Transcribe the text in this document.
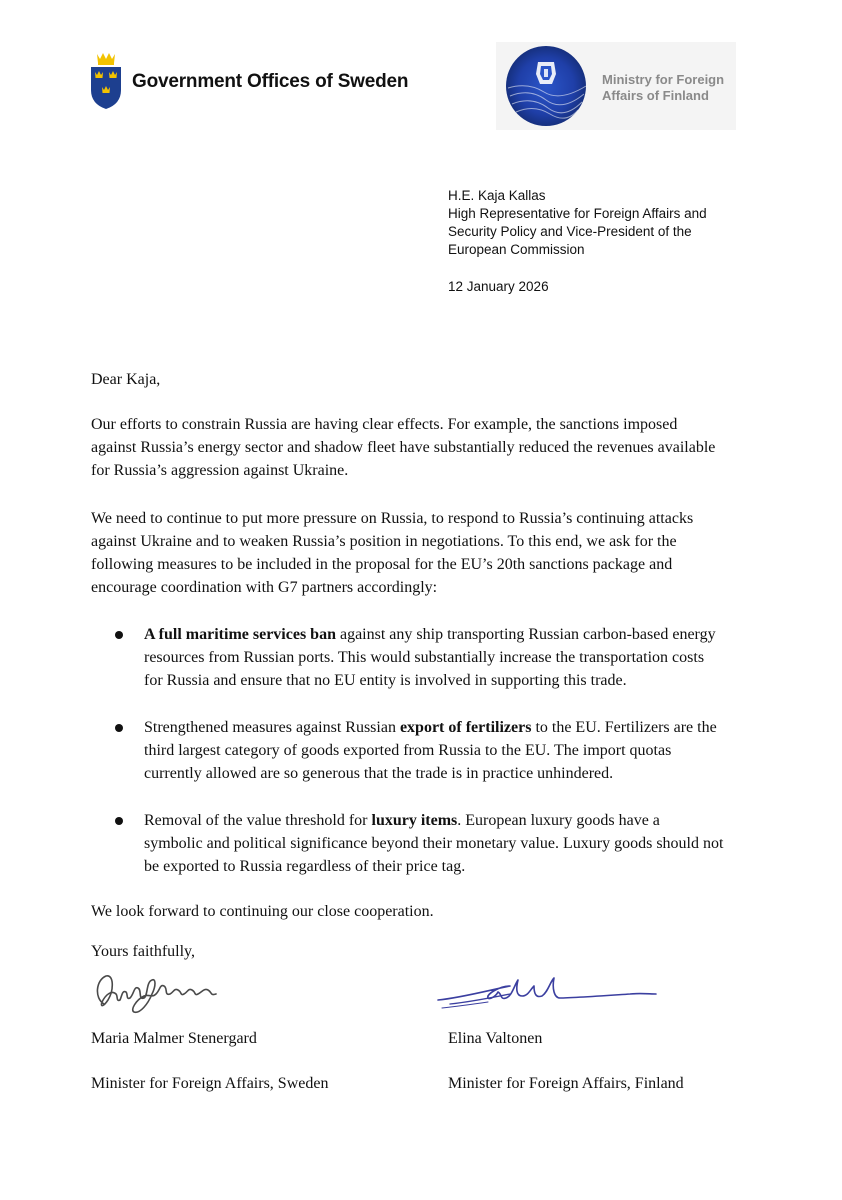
Government Offices of Sweden	Ministry for Foreign
Affairs of Finland
H.E. Kaja Kallas
High Representative for Foreign Affairs and
Security Policy and Vice-President of the
European Commission
12 January 2026
Dear Kaja,
Our efforts to constrain Russia are having clear effects. For example, the sanctions imposed
against Russia’s energy sector and shadow fleet have substantially reduced the revenues available
for Russia’s aggression against Ukraine.
We need to continue to put more pressure on Russia, to respond to Russia’s continuing attacks
against Ukraine and to weaken Russia’s position in negotiations. To this end, we ask for the
following measures to be included in the proposal for the EU’s 20th sanctions package and
encourage coordination with G7 partners accordingly:
A full maritime services ban against any ship transporting Russian carbon-based energy
resources from Russian ports. This would substantially increase the transportation costs
for Russia and ensure that no EU entity is involved in supporting this trade.
Strengthened measures against Russian export of fertilizers to the EU. Fertilizers are the
third largest category of goods exported from Russia to the EU. The import quotas
currently allowed are so generous that the trade is in practice unhindered.
Removal of the value threshold for luxury items. European luxury goods have a
symbolic and political significance beyond their monetary value. Luxury goods should not
be exported to Russia regardless of their price tag.
We look forward to continuing our close cooperation.
Yours faithfully,
Maria Malmer Stenergard	Elina Valtonen
Minister for Foreign Affairs, Sweden	Minister for Foreign Affairs, Finland
